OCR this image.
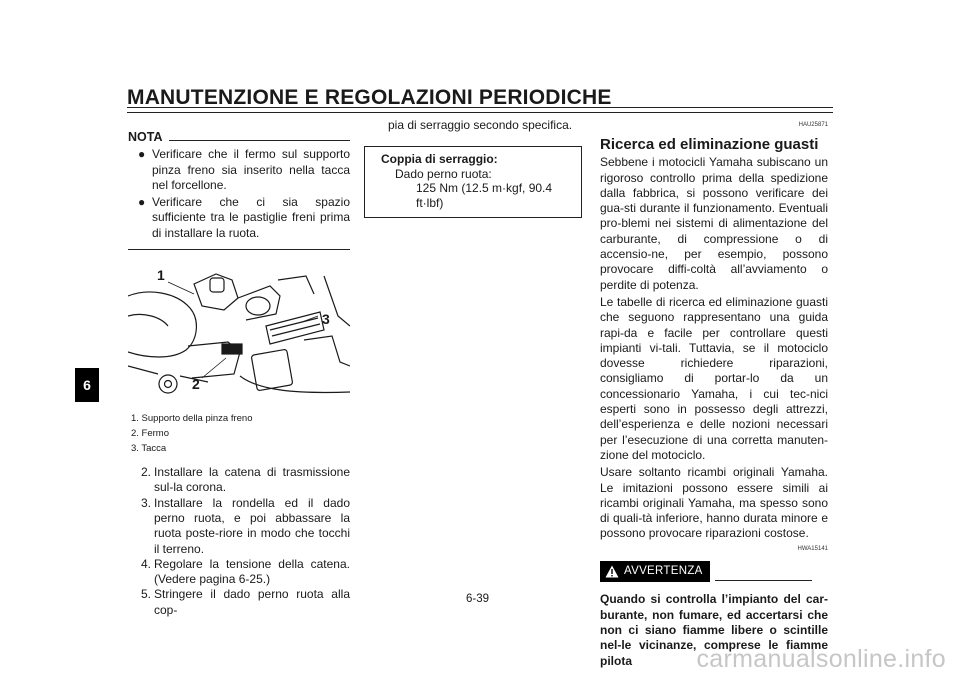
MANUTENZIONE E REGOLAZIONI PERIODICHE
6
NOTA
● Verificare che il fermo sul supporto pinza freno sia inserito nella tacca nel forcellone.
● Verificare che ci sia spazio sufficiente tra le pastiglie freni prima di installare la ruota.
1
2
3
1. Supporto della pinza freno
2. Fermo
3. Tacca
2. Installare la catena di trasmissione sul-la corona.
3. Installare la rondella ed il dado perno ruota, e poi abbassare la ruota poste-riore in modo che tocchi il terreno.
4. Regolare la tensione della catena. (Vedere pagina 6-25.)
5. Stringere il dado perno ruota alla cop-
pia di serraggio secondo specifica.
Coppia di serraggio:
Dado perno ruota:
125 Nm (12.5 m·kgf, 90.4 ft·lbf)
HAU25871
Ricerca ed eliminazione guasti

Sebbene i motocicli Yamaha subiscano un rigoroso controllo prima della spedizione dalla fabbrica, si possono verificare dei gua-sti durante il funzionamento. Eventuali pro-blemi nei sistemi di alimentazione del carburante, di compressione o di accensio-ne, per esempio, possono provocare diffi-coltà all’avviamento o perdite di potenza.

Le tabelle di ricerca ed eliminazione guasti che seguono rappresentano una guida rapi-da e facile per controllare questi impianti vi-tali. Tuttavia, se il motociclo dovesse richiedere riparazioni, consigliamo di portar-lo da un concessionario Yamaha, i cui tec-nici esperti sono in possesso degli attrezzi, dell’esperienza e delle nozioni necessari per l’esecuzione di una corretta manuten-zione del motociclo.

Usare soltanto ricambi originali Yamaha. Le imitazioni possono essere simili ai ricambi originali Yamaha, ma spesso sono di quali-tà inferiore, hanno durata minore e possono provocare riparazioni costose.

HWA15141
AVVERTENZA
Quando si controlla l’impianto del car-burante, non fumare, ed accertarsi che non ci siano fiamme libere o scintille nel-le vicinanze, comprese le fiamme pilota
6-39
carmanualsonline.info
